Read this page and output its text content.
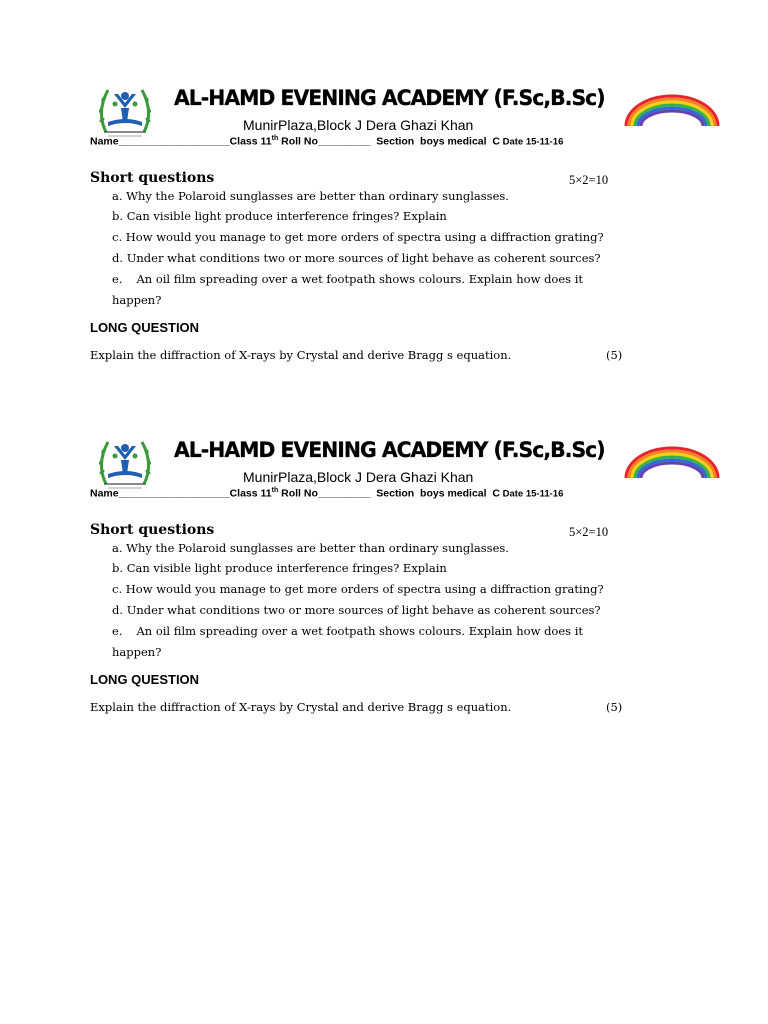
AL-HAMD EVENING ACADEMY (F.Sc,B.Sc)
MunirPlaza,Block J Dera Ghazi Khan
Name___________________Class 11th Roll No_________  Section  boys medical  C Date 15-11-16
Short questions	5×2=10
a. Why the Polaroid sunglasses are better than ordinary sunglasses.
b. Can visible light produce interference fringes? Explain
c. How would you manage to get more orders of spectra using a diffraction grating?
d. Under what conditions two or more sources of light behave as coherent sources?
e. An oil film spreading over a wet footpath shows colours. Explain how does it
happen?
LONG QUESTION
Explain the diffraction of X-rays by Crystal and derive Bragg s equation.	(5)
AL-HAMD EVENING ACADEMY (F.Sc,B.Sc)
MunirPlaza,Block J Dera Ghazi Khan
Name___________________Class 11th Roll No_________  Section  boys medical  C Date 15-11-16
Short questions	5×2=10
a. Why the Polaroid sunglasses are better than ordinary sunglasses.
b. Can visible light produce interference fringes? Explain
c. How would you manage to get more orders of spectra using a diffraction grating?
d. Under what conditions two or more sources of light behave as coherent sources?
e. An oil film spreading over a wet footpath shows colours. Explain how does it
happen?
LONG QUESTION
Explain the diffraction of X-rays by Crystal and derive Bragg s equation.	(5)
